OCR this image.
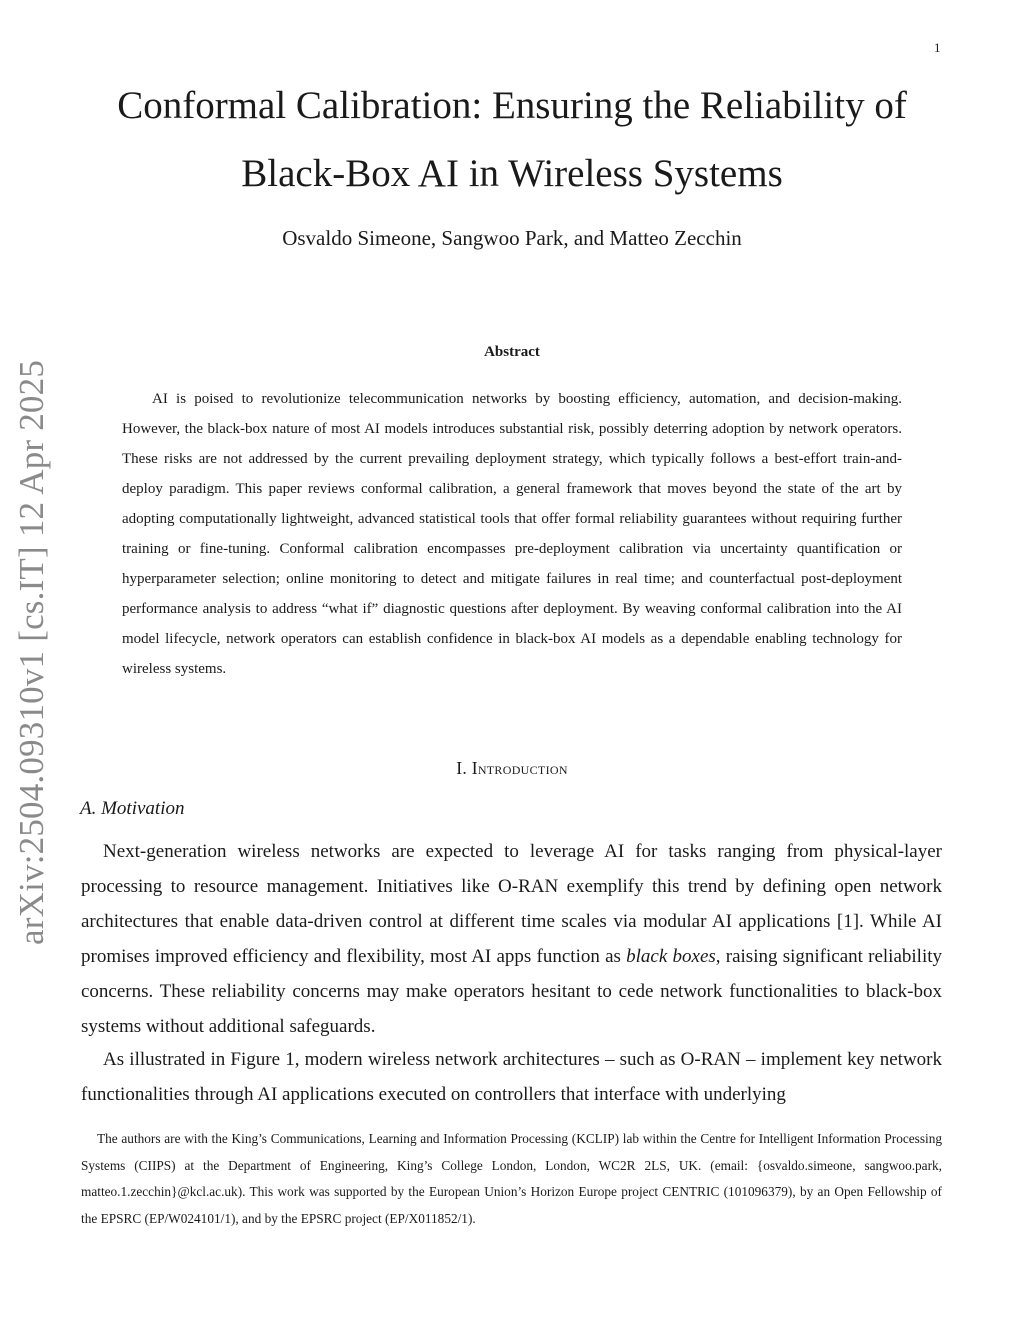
1
arXiv:2504.09310v1 [cs.IT] 12 Apr 2025
Conformal Calibration: Ensuring the Reliability of
Black-Box AI in Wireless Systems
Osvaldo Simeone, Sangwoo Park, and Matteo Zecchin
Abstract

AI is poised to revolutionize telecommunication networks by boosting efficiency, automation, and decision-making. However, the black-box nature of most AI models introduces substantial risk, possibly deterring adoption by network operators. These risks are not addressed by the current prevailing deployment strategy, which typically follows a best-effort train-and-deploy paradigm. This paper reviews conformal calibration, a general framework that moves beyond the state of the art by adopting computationally lightweight, advanced statistical tools that offer formal reliability guarantees without requiring further training or fine-tuning. Conformal calibration encompasses pre-deployment calibration via uncertainty quantification or hyperparameter selection; online monitoring to detect and mitigate failures in real time; and counterfactual post-deployment performance analysis to address “what if” diagnostic questions after deployment. By weaving conformal calibration into the AI model lifecycle, network operators can establish confidence in black-box AI models as a dependable enabling technology for wireless systems.

I. Introduction
A. Motivation

Next-generation wireless networks are expected to leverage AI for tasks ranging from physical-layer processing to resource management. Initiatives like O-RAN exemplify this trend by defining open network architectures that enable data-driven control at different time scales via modular AI applications [1]. While AI promises improved efficiency and flexibility, most AI apps function as black boxes, raising significant reliability concerns. These reliability concerns may make operators hesitant to cede network functionalities to black-box systems without additional safeguards.

As illustrated in Figure 1, modern wireless network architectures – such as O-RAN – implement key network functionalities through AI applications executed on controllers that interface with underlying

The authors are with the King’s Communications, Learning and Information Processing (KCLIP) lab within the Centre for Intelligent Information Processing Systems (CIIPS) at the Department of Engineering, King’s College London, London, WC2R 2LS, UK. (email: {osvaldo.simeone, sangwoo.park, matteo.1.zecchin}@kcl.ac.uk). This work was supported by the European Union’s Horizon Europe project CENTRIC (101096379), by an Open Fellowship of the EPSRC (EP/W024101/1), and by the EPSRC project (EP/X011852/1).
